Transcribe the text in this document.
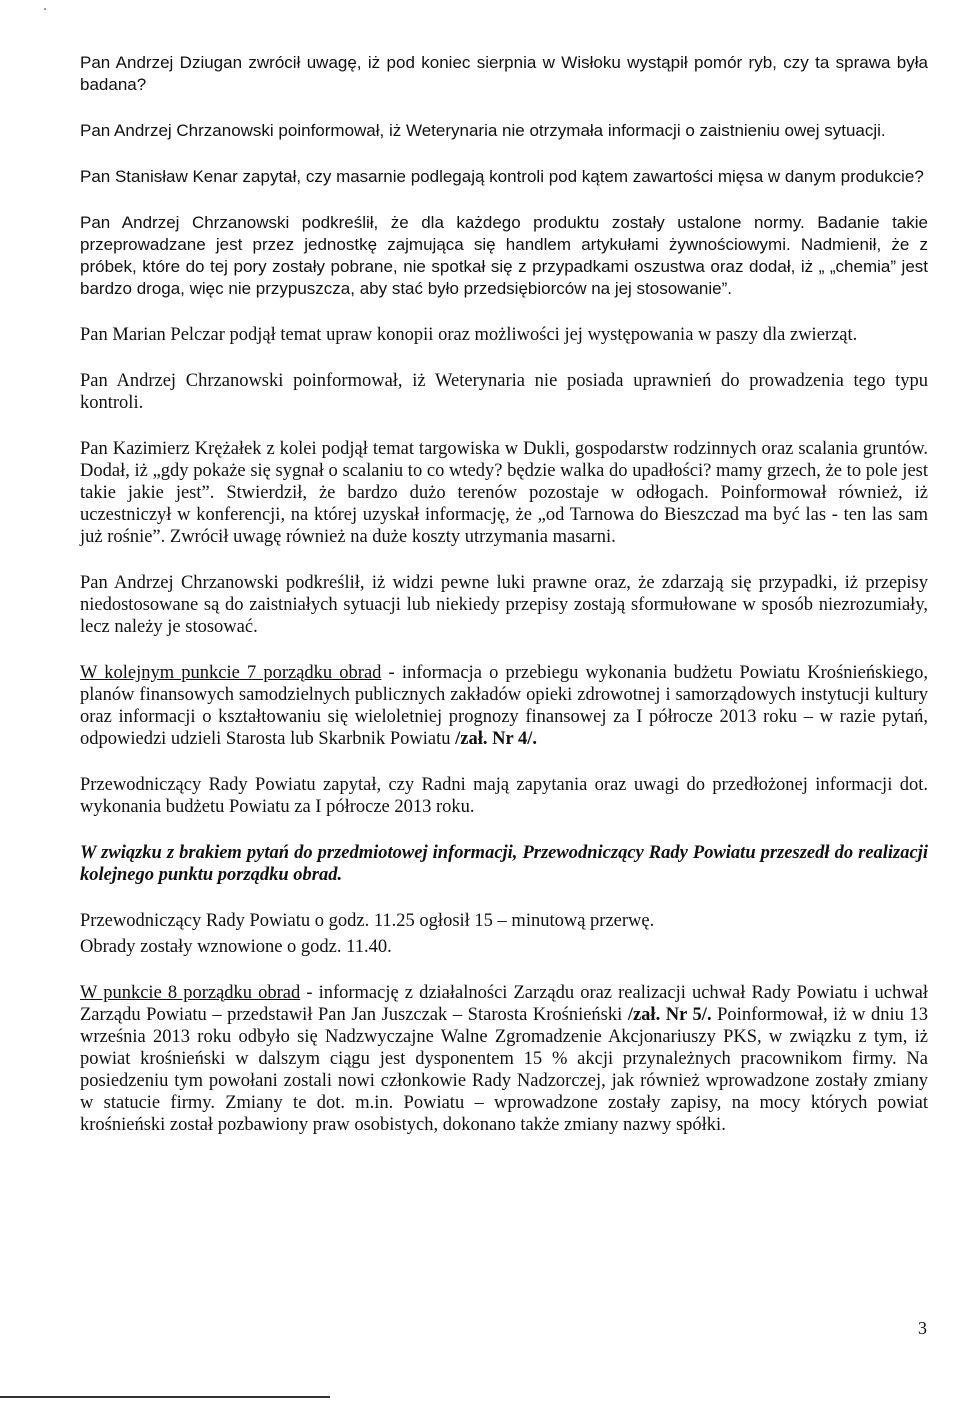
Pan Andrzej Dziugan zwrócił uwagę, iż pod koniec sierpnia w Wisłoku wystąpił pomór ryb, czy ta sprawa była badana?

Pan Andrzej Chrzanowski poinformował, iż Weterynaria nie otrzymała informacji o zaistnieniu owej sytuacji.

Pan Stanisław Kenar zapytał, czy masarnie podlegają kontroli pod kątem zawartości mięsa w danym produkcie?

Pan Andrzej Chrzanowski podkreślił, że dla każdego produktu zostały ustalone normy. Badanie takie przeprowadzane jest przez jednostkę zajmująca się handlem artykułami żywnościowymi. Nadmienił, że z próbek, które do tej pory zostały pobrane, nie spotkał się z przypadkami oszustwa oraz dodał, iż „ „chemia” jest bardzo droga, więc nie przypuszcza, aby stać było przedsiębiorców na jej stosowanie”.

Pan Marian Pelczar podjął temat upraw konopii oraz możliwości jej występowania w paszy dla zwierząt.

Pan Andrzej Chrzanowski poinformował, iż Weterynaria nie posiada uprawnień do prowadzenia tego typu kontroli.

Pan Kazimierz Krężałek z kolei podjął temat targowiska w Dukli, gospodarstw rodzinnych oraz scalania gruntów. Dodał, iż „gdy pokaże się sygnał o scalaniu to co wtedy? będzie walka do upadłości? mamy grzech, że to pole jest takie jakie jest”. Stwierdził, że bardzo dużo terenów pozostaje w odłogach. Poinformował również, iż uczestniczył w konferencji, na której uzyskał informację, że „od Tarnowa do Bieszczad ma być las - ten las sam już rośnie”. Zwrócił uwagę również na duże koszty utrzymania masarni.

Pan Andrzej Chrzanowski podkreślił, iż widzi pewne luki prawne oraz, że zdarzają się przypadki, iż przepisy niedostosowane są do zaistniałych sytuacji lub niekiedy przepisy zostają sformułowane w sposób niezrozumiały, lecz należy je stosować.

W kolejnym punkcie 7 porządku obrad - informacja o przebiegu wykonania budżetu Powiatu Krośnieńskiego, planów finansowych samodzielnych publicznych zakładów opieki zdrowotnej i samorządowych instytucji kultury oraz informacji o kształtowaniu się wieloletniej prognozy finansowej za I półrocze 2013 roku – w razie pytań, odpowiedzi udzieli Starosta lub Skarbnik Powiatu /zał. Nr 4/.

Przewodniczący Rady Powiatu zapytał, czy Radni mają zapytania oraz uwagi do przedłożonej informacji dot. wykonania budżetu Powiatu za I półrocze 2013 roku.

W związku z brakiem pytań do przedmiotowej informacji, Przewodniczący Rady Powiatu przeszedł do realizacji kolejnego punktu porządku obrad.

Przewodniczący Rady Powiatu o godz. 11.25 ogłosił 15 – minutową przerwę.

Obrady zostały wznowione o godz. 11.40.

W punkcie 8 porządku obrad - informację z działalności Zarządu oraz realizacji uchwał Rady Powiatu i uchwał Zarządu Powiatu – przedstawił Pan Jan Juszczak – Starosta Krośnieński /zał. Nr 5/. Poinformował, iż w dniu 13 września 2013 roku odbyło się Nadzwyczajne Walne Zgromadzenie Akcjonariuszy PKS, w związku z tym, iż powiat krośnieński w dalszym ciągu jest dysponentem 15 % akcji przynależnych pracownikom firmy. Na posiedzeniu tym powołani zostali nowi członkowie Rady Nadzorczej, jak również wprowadzone zostały zmiany w statucie firmy. Zmiany te dot. m.in. Powiatu – wprowadzone zostały zapisy, na mocy których powiat krośnieński został pozbawiony praw osobistych, dokonano także zmiany nazwy spółki.

3
